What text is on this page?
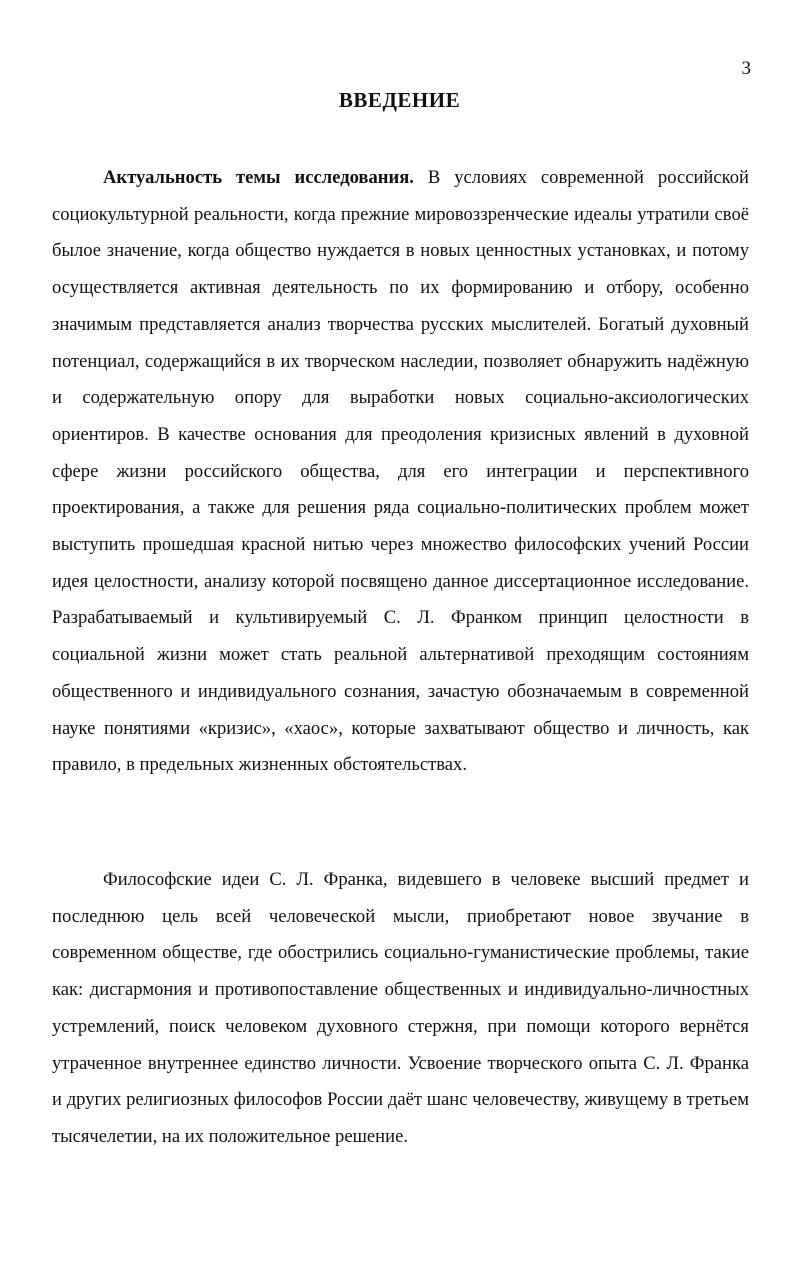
3
ВВЕДЕНИЕ

Актуальность темы исследования. В условиях современной российской социокультурной реальности, когда прежние мировоззренческие идеалы утратили своё былое значение, когда общество нуждается в новых ценностных установках, и потому осуществляется активная деятельность по их формированию и отбору, особенно значимым представляется анализ творчества русских мыслителей. Богатый духовный потенциал, содержащийся в их творческом наследии, позволяет обнаружить надёжную и содержательную опору для выработки новых социально-аксиологических ориентиров. В качестве основания для преодоления кризисных явлений в духовной сфере жизни российского общества, для его интеграции и перспективного проектирования, а также для решения ряда социально-политических проблем может выступить прошедшая красной нитью через множество философских учений России идея целостности, анализу которой посвящено данное диссертационное исследование. Разрабатываемый и культивируемый С. Л. Франком принцип целостности в социальной жизни может стать реальной альтернативой преходящим состояниям общественного и индивидуального сознания, зачастую обозначаемым в современной науке понятиями «кризис», «хаос», которые захватывают общество и личность, как правило, в предельных жизненных обстоятельствах.

Философские идеи С. Л. Франка, видевшего в человеке высший предмет и последнюю цель всей человеческой мысли, приобретают новое звучание в современном обществе, где обострились социально-гуманистические проблемы, такие как: дисгармония и противопоставление общественных и индивидуально-личностных устремлений, поиск человеком духовного стержня, при помощи которого вернётся утраченное внутреннее единство личности. Усвоение творческого опыта С. Л. Франка и других религиозных философов России даёт шанс человечеству, живущему в третьем тысячелетии, на их положительное решение.
